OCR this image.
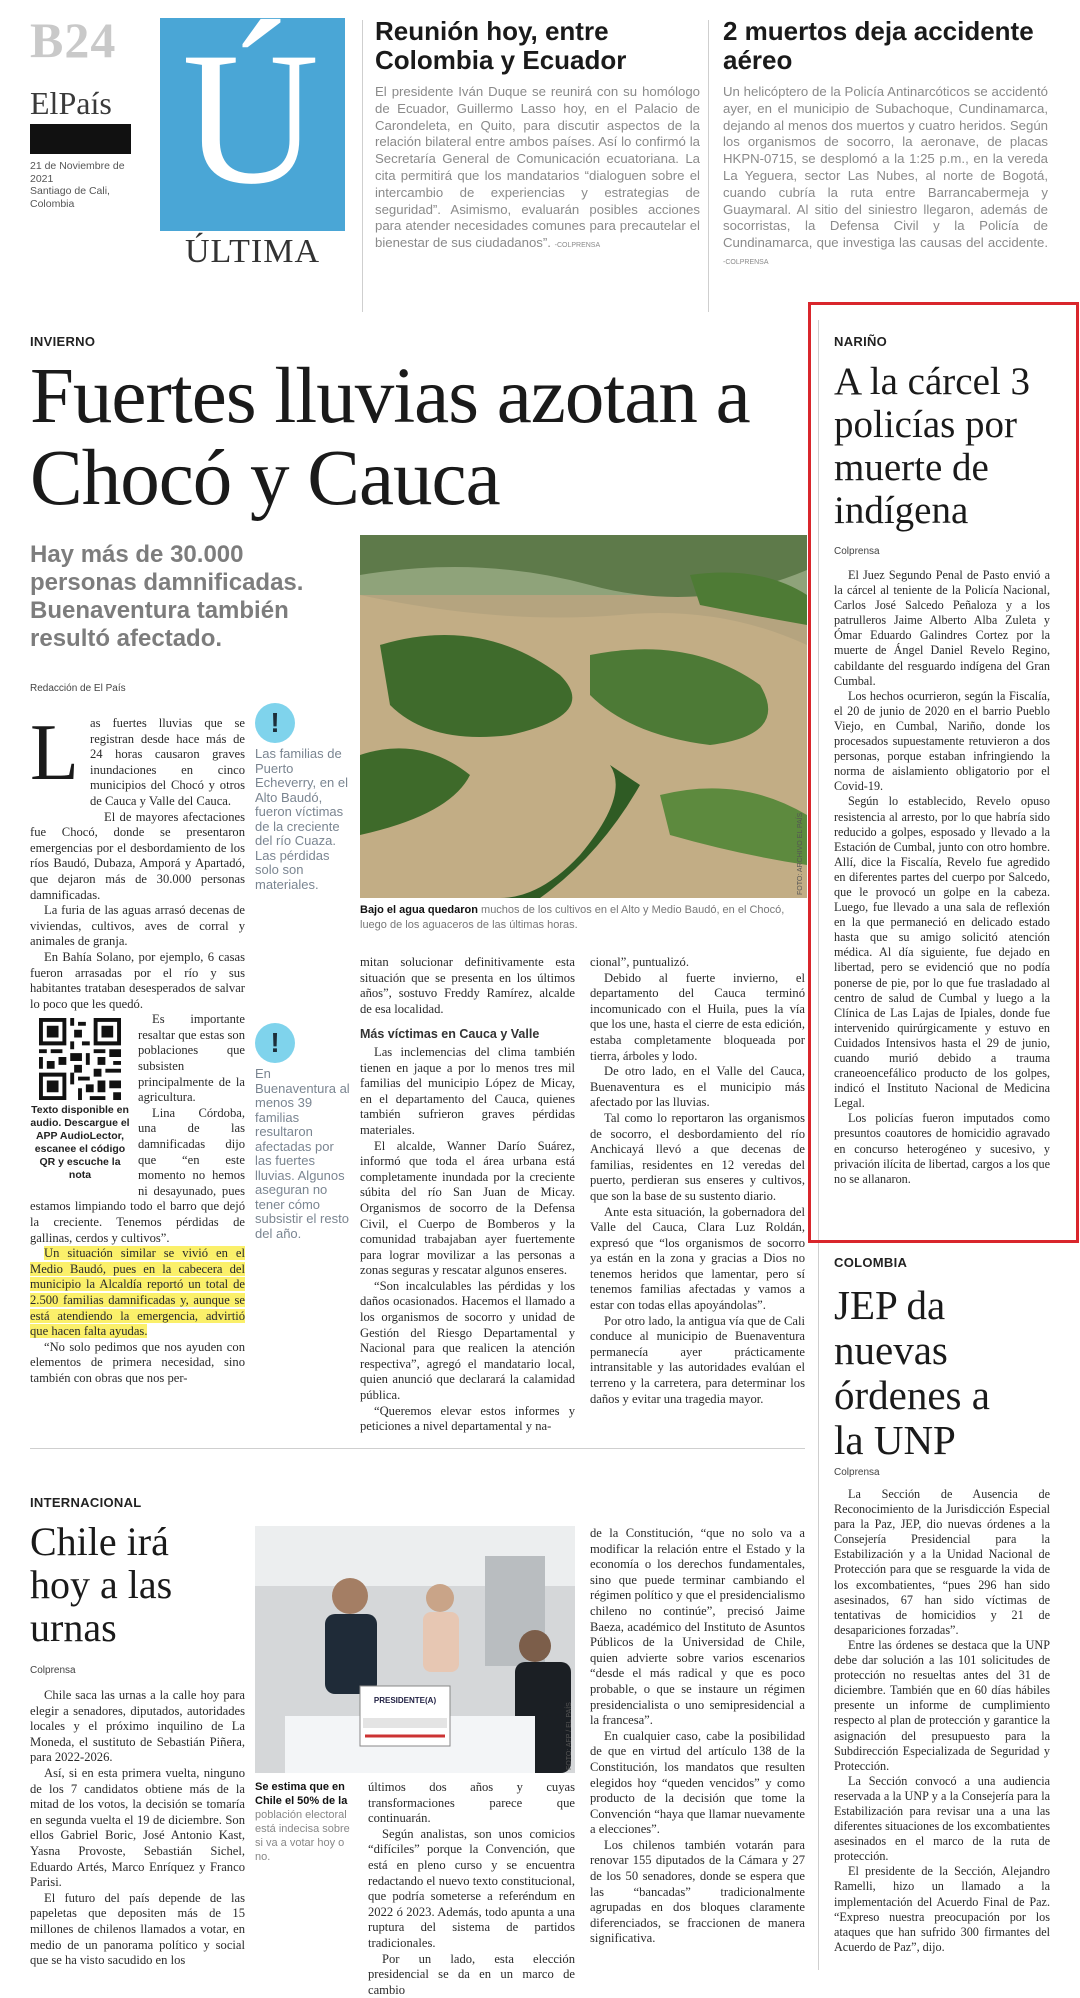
B24
ElPaís
21 de Noviembre de 2021
Santiago de Cali, Colombia Ú
ÚLTIMA
Reunión hoy, entre Colombia y Ecuador
El presidente Iván Duque se reunirá con su homólogo de Ecuador, Guillermo Lasso hoy, en el Palacio de Carondeleta, en Quito, para discutir aspectos de la relación bilateral entre ambos países. Así lo confirmó la Secretaría General de Comunicación ecuatoriana. La cita permitirá que los mandatarios “dialoguen sobre el intercambio de experiencias y estrategias de seguridad”. Asimismo, evaluarán posibles acciones para atender necesidades comunes para precautelar el bienestar de sus ciudadanos”. -COLPRENSA
2 muertos deja accidente aéreo
Un helicóptero de la Policía Antinarcóticos se accidentó ayer, en el municipio de Subachoque, Cundinamarca, dejando al menos dos muertos y cuatro heridos. Según los organismos de socorro, la aeronave, de placas HKPN-0715, se desplomó a la 1:25 p.m., en la vereda La Yeguera, sector Las Nubes, al norte de Bogotá, cuando cubría la ruta entre Barrancabermeja y Guaymaral. Al sitio del siniestro llegaron, además de socorristas, la Defensa Civil y la Policía de Cundinamarca, que investiga las causas del accidente. -COLPRENSA
INVIERNO
Fuertes lluvias azotan a Chocó y Cauca
Hay más de 30.000 personas damnificadas. Buenaventura también resultó afectado.
Redacción de El País
FOTO: ARCHIVO EL PAÍS
Bajo el agua quedaron muchos de los cultivos en el Alto y Medio Baudó, en el Chocó, luego de los aguaceros de las últimas horas.
L as fuertes lluvias que se registran desde hace más de 24 horas causaron graves inundaciones en cinco municipios del Chocó y otros de Cauca y Valle del Cauca.

El de mayores afectaciones fue Chocó, donde se presentaron emergencias por el desbordamiento de los ríos Baudó, Dubaza, Amporá y Apartadó, que dejaron más de 30.000 personas damnificadas.

La furia de las aguas arrasó decenas de viviendas, cultivos, aves de corral y animales de granja.

En Bahía Solano, por ejemplo, 6 casas fueron arrasadas por el río y sus habitantes trataban desesperados de salvar lo poco que les quedó.

Texto disponible en audio. Descargue el APP AudioLector, escanee el código QR y escuche la nota

Es importante resaltar que estas son poblaciones que subsisten principalmente de la agricultura.

Lina Córdoba, una de las damnificadas dijo que “en este momento no hemos ni desayunado, pues estamos limpiando todo el barro que dejó la creciente. Tenemos pérdidas de gallinas, cerdos y cultivos”.

Un situación similar se vivió en el Medio Baudó, pues en la cabecera del municipio la Alcaldía reportó un total de 2.500 familias damnificadas y, aunque se está atendiendo la emergencia, advirtió que hacen falta ayudas.

“No solo pedimos que nos ayuden con elementos de primera necesidad, sino también con obras que nos per-

!
Las familias de Puerto Echeverry, en el Alto Baudó, fueron víctimas de la creciente del río Cuaza. Las pérdidas solo son materiales.
!
En Buenaventura al menos 39 familias resultaron afectadas por las fuertes lluvias. Algunos aseguran no tener cómo subsistir el resto del año.

mitan solucionar definitivamente esta situación que se presenta en los últimos años”, sostuvo Freddy Ramírez, alcalde de esa localidad.

Más víctimas en Cauca y Valle

Las inclemencias del clima también tienen en jaque a por lo menos tres mil familias del municipio López de Micay, en el departamento del Cauca, quienes también sufrieron graves pérdidas materiales.

El alcalde, Wanner Darío Suárez, informó que toda el área urbana está completamente inundada por la creciente súbita del río San Juan de Micay. Organismos de socorro de la Defensa Civil, el Cuerpo de Bomberos y la comunidad trabajaban ayer fuertemente para lograr movilizar a las personas a zonas seguras y rescatar algunos enseres.

“Son incalculables las pérdidas y los daños ocasionados. Hacemos el llamado a los organismos de socorro y unidad de Gestión del Riesgo Departamental y Nacional para que realicen la atención respectiva”, agregó el mandatario local, quien anunció que declarará la calamidad pública.

“Queremos elevar estos informes y peticiones a nivel departamental y na-

cional”, puntualizó.

Debido al fuerte invierno, el departamento del Cauca terminó incomunicado con el Huila, pues la vía que los une, hasta el cierre de esta edición, estaba completamente bloqueada por tierra, árboles y lodo.

De otro lado, en el Valle del Cauca, Buenaventura es el municipio más afectado por las lluvias.

Tal como lo reportaron las organismos de socorro, el desbordamiento del río Anchicayá llevó a que decenas de familias, residentes en 12 veredas del puerto, perdieran sus enseres y cultivos, que son la base de su sustento diario.

Ante esta situación, la gobernadora del Valle del Cauca, Clara Luz Roldán, expresó que “los organismos de socorro ya están en la zona y gracias a Dios no tenemos heridos que lamentar, pero sí tenemos familias afectadas y vamos a estar con todas ellas apoyándolas”.

Por otro lado, la antigua vía que de Cali conduce al municipio de Buenaventura permanecía ayer prácticamente intransitable y las autoridades evalúan el terreno y la carretera, para determinar los daños y evitar una tragedia mayor.

NARIÑO
A la cárcel 3 policías por muerte de indígena
Colprensa

El Juez Segundo Penal de Pasto envió a la cárcel al teniente de la Policía Nacional, Carlos José Salcedo Peñaloza y a los patrulleros Jaime Alberto Alba Zuleta y Ómar Eduardo Galindres Cortez por la muerte de Ángel Daniel Revelo Regino, cabildante del resguardo indígena del Gran Cumbal.

Los hechos ocurrieron, según la Fiscalía, el 20 de junio de 2020 en el barrio Pueblo Viejo, en Cumbal, Nariño, donde los procesados supuestamente retuvieron a dos personas, porque estaban infringiendo la norma de aislamiento obligatorio por el Covid-19.

Según lo establecido, Revelo opuso resistencia al arresto, por lo que habría sido reducido a golpes, esposado y llevado a la Estación de Cumbal, junto con otro hombre. Allí, dice la Fiscalía, Revelo fue agredido en diferentes partes del cuerpo por Salcedo, que le provocó un golpe en la cabeza. Luego, fue llevado a una sala de reflexión en la que permaneció en delicado estado hasta que su amigo solicitó atención médica. Al día siguiente, fue dejado en libertad, pero se evidenció que no podía ponerse de pie, por lo que fue trasladado al centro de salud de Cumbal y luego a la Clínica de Las Lajas de Ipiales, donde fue intervenido quirúrgicamente y estuvo en Cuidados Intensivos hasta el 29 de junio, cuando murió debido a trauma craneoencefálico producto de los golpes, indicó el Instituto Nacional de Medicina Legal.

Los policías fueron imputados como presuntos coautores de homicidio agravado en concurso heterogéneo y sucesivo, y privación ilícita de libertad, cargos a los que no se allanaron.

COLOMBIA
JEP da nuevas órdenes a la UNP
Colprensa

La Sección de Ausencia de Reconocimiento de la Jurisdicción Especial para la Paz, JEP, dio nuevas órdenes a la Consejería Presidencial para la Estabilización y a la Unidad Nacional de Protección para que se resguarde la vida de los excombatientes, “pues 296 han sido asesinados, 67 han sido víctimas de tentativas de homicidios y 21 de desapariciones forzadas”.

Entre las órdenes se destaca que la UNP debe dar solución a las 101 solicitudes de protección no resueltas antes del 31 de diciembre. También que en 60 días hábiles presente un informe de cumplimiento respecto al plan de protección y garantice la asignación del presupuesto para la Subdirección Especializada de Seguridad y Protección.

La Sección convocó a una audiencia reservada a la UNP y a la Consejería para la Estabilización para revisar una a una las diferentes situaciones de los excombatientes asesinados en el marco de la ruta de protección.

El presidente de la Sección, Alejandro Ramelli, hizo un llamado a la implementación del Acuerdo Final de Paz. “Expreso nuestra preocupación por los ataques que han sufrido 300 firmantes del Acuerdo de Paz”, dijo.

INTERNACIONAL
Chile irá hoy a las urnas
Colprensa

Chile saca las urnas a la calle hoy para elegir a senadores, diputados, autoridades locales y el próximo inquilino de La Moneda, el sustituto de Sebastián Piñera, para 2022-2026.

Así, si en esta primera vuelta, ninguno de los 7 candidatos obtiene más de la mitad de los votos, la decisión se tomaría en segunda vuelta el 19 de diciembre. Son ellos Gabriel Boric, José Antonio Kast, Yasna Provoste, Sebastián Sichel, Eduardo Artés, Marco Enríquez y Franco Parisi.

El futuro del país depende de las papeletas que depositen más de 15 millones de chilenos llamados a votar, en medio de un panorama político y social que se ha visto sacudido en los

PRESIDENTE(A)
FOTO: AFP / EL PAÍS
Se estima que en Chile el 50% de la población electoral está indecisa sobre si va a votar hoy o no.

últimos dos años y cuyas transformaciones parece que continuarán.

Según analistas, son unos comicios “difíciles” porque la Convención, que está en pleno curso y se encuentra redactando el nuevo texto constitucional, que podría someterse a referéndum en 2022 ó 2023. Además, todo apunta a una ruptura del sistema de partidos tradicionales.

Por un lado, esta elección presidencial se da en un marco de cambio

de la Constitución, “que no solo va a modificar la relación entre el Estado y la economía o los derechos fundamentales, sino que puede terminar cambiando el régimen político y que el presidencialismo chileno no continúe”, precisó Jaime Baeza, académico del Instituto de Asuntos Públicos de la Universidad de Chile, quien advierte sobre varios escenarios “desde el más radical y que es poco probable, o que se instaure un régimen presidencialista o uno semipresidencial a la francesa”.

En cualquier caso, cabe la posibilidad de que en virtud del artículo 138 de la Constitución, los mandatos que resulten elegidos hoy “queden vencidos” y como producto de la decisión que tome la Convención “haya que llamar nuevamente a elecciones”.

Los chilenos también votarán para renovar 155 diputados de la Cámara y 27 de los 50 senadores, donde se espera que las “bancadas” tradicionalmente agrupadas en dos bloques claramente diferenciados, se fraccionen de manera significativa.
